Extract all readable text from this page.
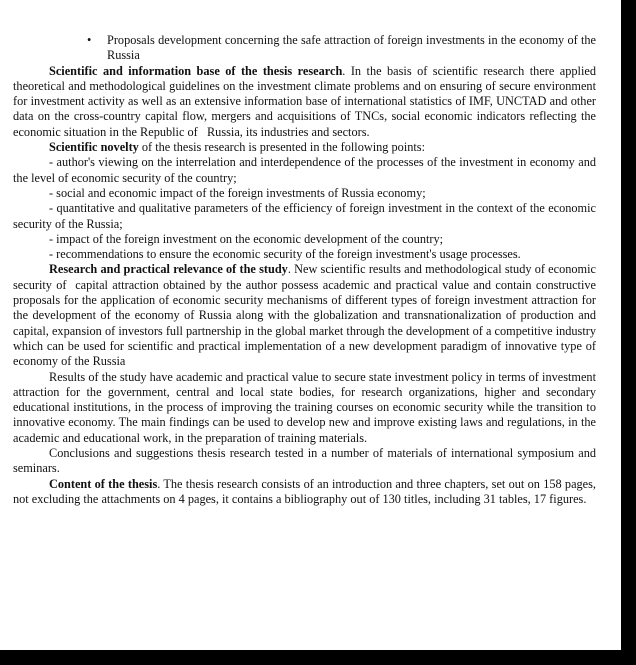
• Proposals development concerning the safe attraction of foreign investments in the economy of the Russia

Scientific and information base of the thesis research. In the basis of scientific research there applied theoretical and methodological guidelines on the investment climate problems and on ensuring of secure environment for investment activity as well as an extensive information base of international statistics of IMF, UNCTAD and other data on the cross-country capital flow, mergers and acquisitions of TNCs, social economic indicators reflecting the economic situation in the Republic of   Russia, its industries and sectors.

Scientific novelty of the thesis research is presented in the following points:

- author's viewing on the interrelation and interdependence of the processes of the investment in economy and the level of economic security of the country;

- social and economic impact of the foreign investments of Russia economy;

- quantitative and qualitative parameters of the efficiency of foreign investment in the context of the economic security of the Russia;

- impact of the foreign investment on the economic development of the country;

- recommendations to ensure the economic security of the foreign investment's usage processes.

Research and practical relevance of the study. New scientific results and methodological study of economic security of  capital attraction obtained by the author possess academic and practical value and contain constructive proposals for the application of economic security mechanisms of different types of foreign investment attraction for the development of the economy of Russia along with the globalization and transnationalization of production and capital, expansion of investors full partnership in the global market through the development of a competitive industry which can be used for scientific and practical implementation of a new development paradigm of innovative type of economy of the Russia

Results of the study have academic and practical value to secure state investment policy in terms of investment attraction for the government, central and local state bodies, for research organizations, higher and secondary educational institutions, in the process of improving the training courses on economic security while the transition to innovative economy. The main findings can be used to develop new and improve existing laws and regulations, in the academic and educational work, in the preparation of training materials.

Conclusions and suggestions thesis research tested in a number of materials of international symposium and seminars.

Content of the thesis. The thesis research consists of an introduction and three chapters, set out on 158 pages, not excluding the attachments on 4 pages, it contains a bibliography out of 130 titles, including 31 tables, 17 figures.
